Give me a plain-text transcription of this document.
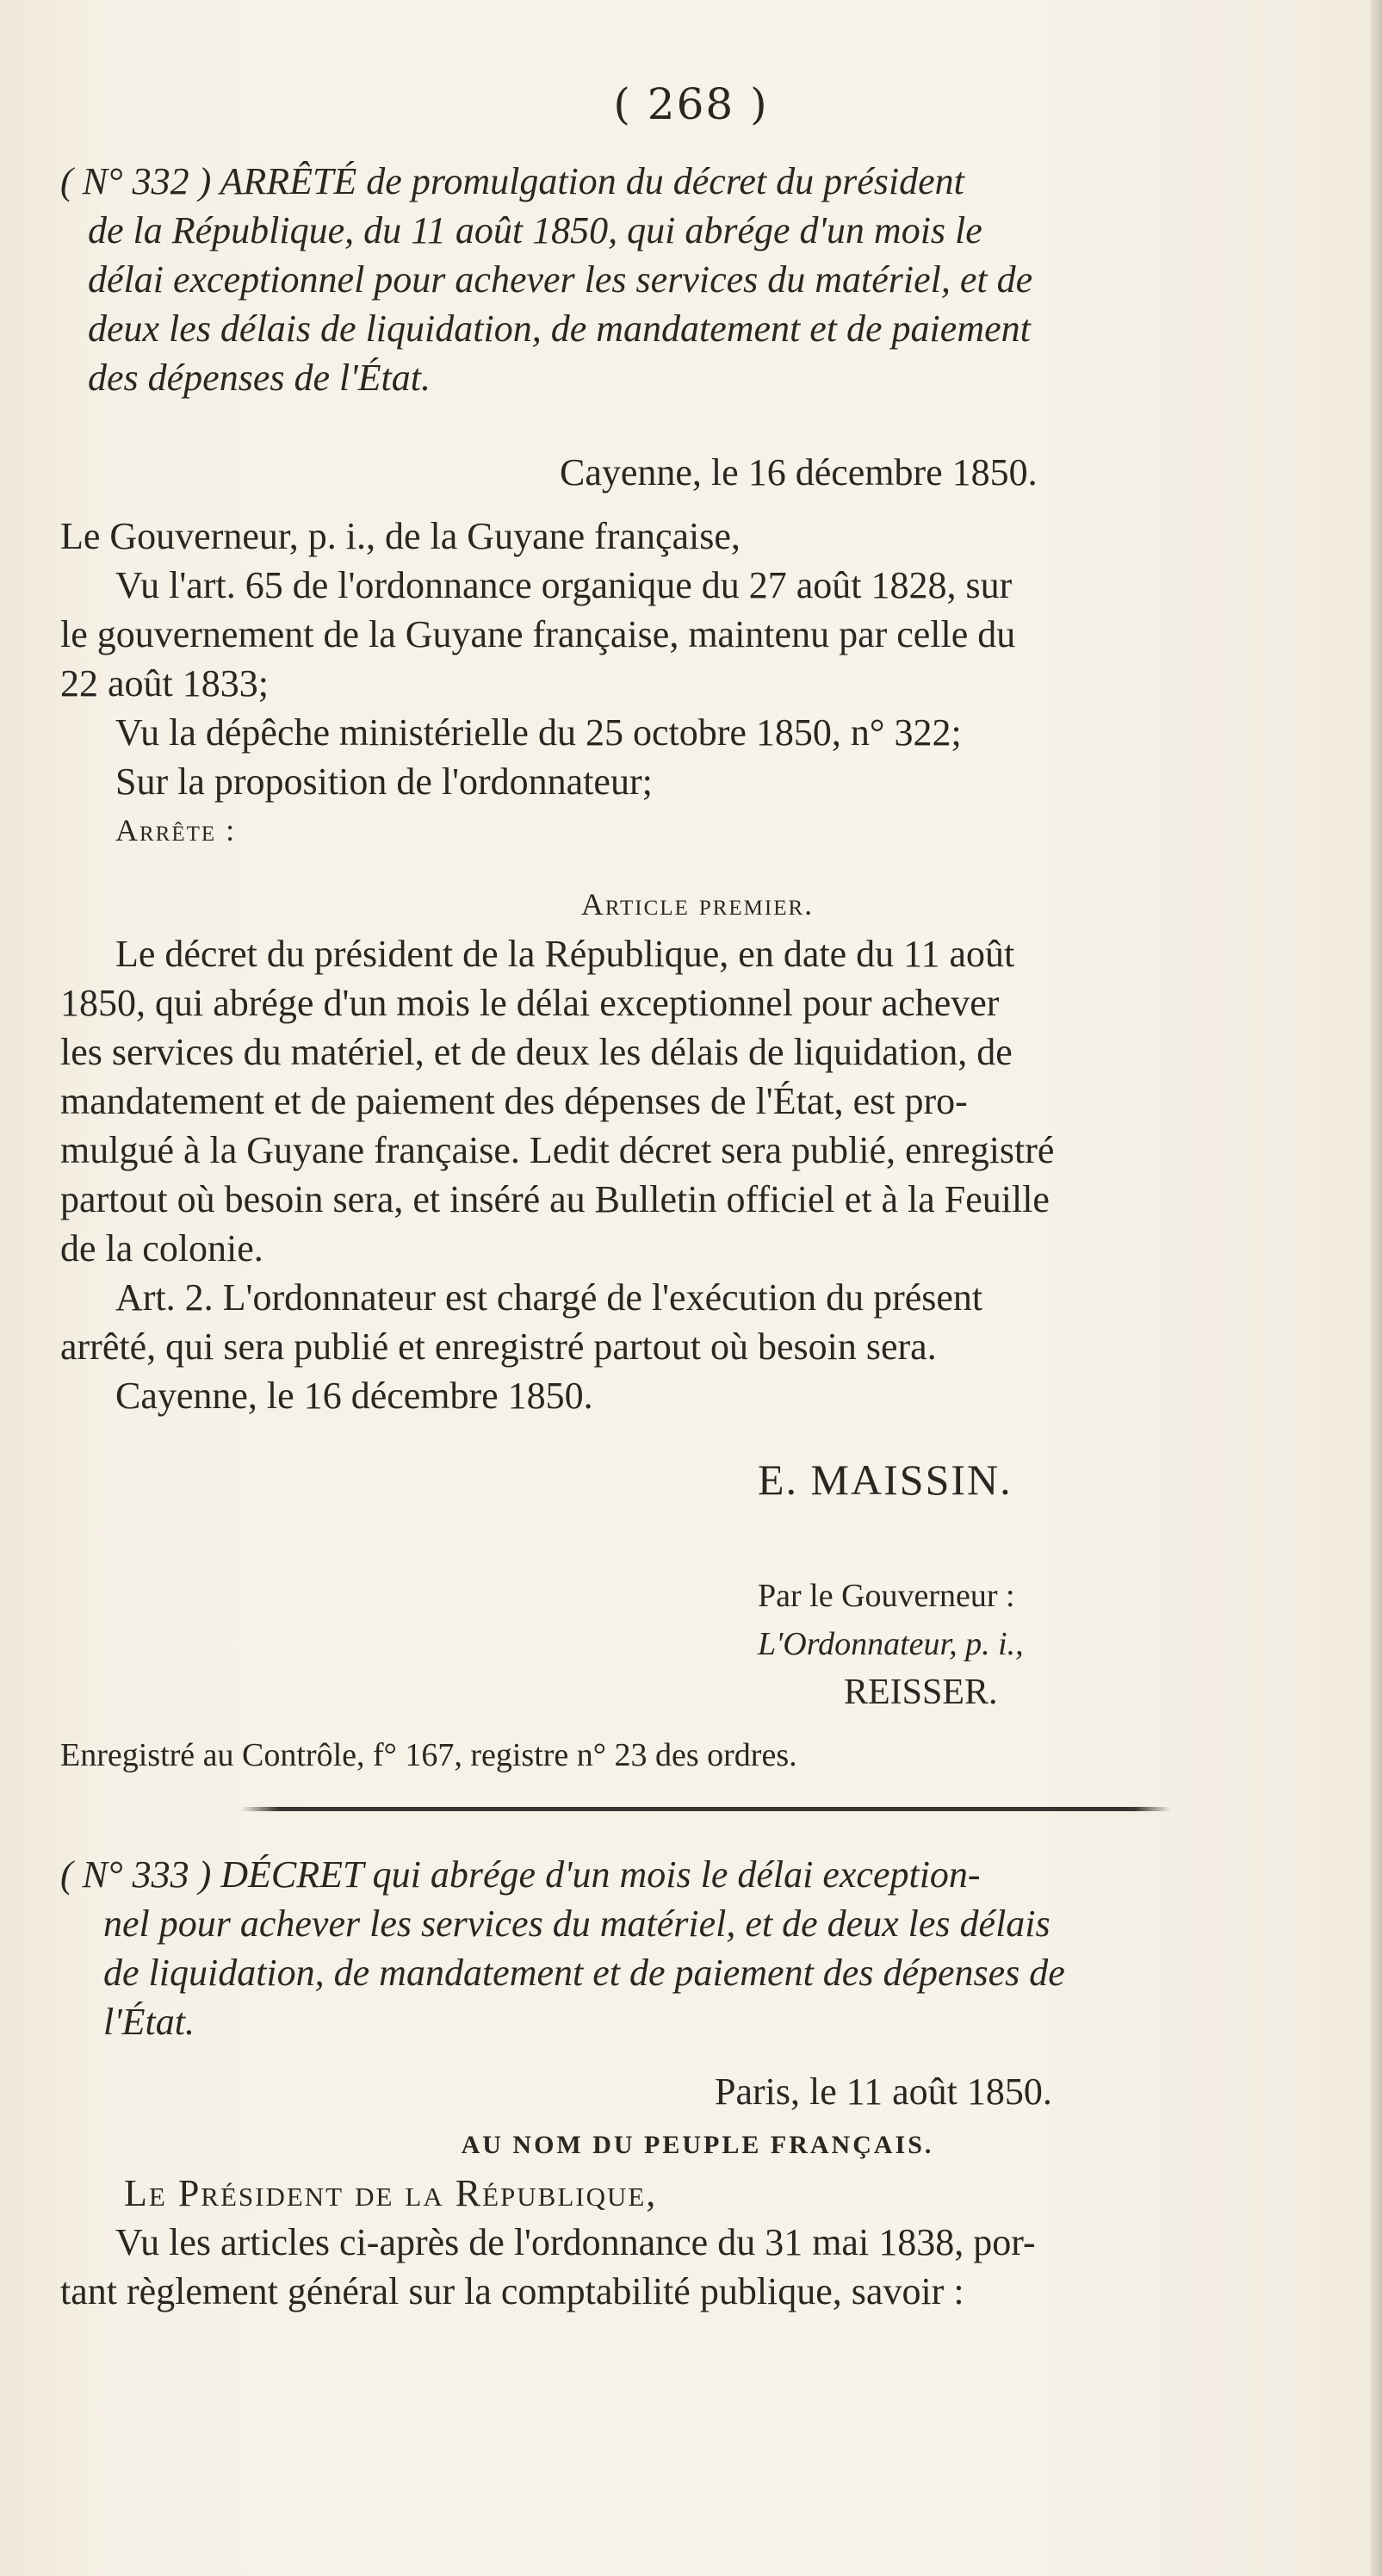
( 268 )

( N° 332 ) ARRÊTÉ de promulgation du décret du président

de la République, du 11 août 1850, qui abrége d'un mois le

délai exceptionnel pour achever les services du matériel, et de

deux les délais de liquidation, de mandatement et de paiement

des dépenses de l'État.

Cayenne, le 16 décembre 1850.

Le Gouverneur, p. i., de la Guyane française,

Vu l'art. 65 de l'ordonnance organique du 27 août 1828, sur

le gouvernement de la Guyane française, maintenu par celle du

22 août 1833;

Vu la dépêche ministérielle du 25 octobre 1850, n° 322;

Sur la proposition de l'ordonnateur;

Arrête :

Article premier.

Le décret du président de la République, en date du 11 août

1850, qui abrége d'un mois le délai exceptionnel pour achever

les services du matériel, et de deux les délais de liquidation, de

mandatement et de paiement des dépenses de l'État, est pro-

mulgué à la Guyane française. Ledit décret sera publié, enregistré

partout où besoin sera, et inséré au Bulletin officiel et à la Feuille

de la colonie.

Art. 2. L'ordonnateur est chargé de l'exécution du présent

arrêté, qui sera publié et enregistré partout où besoin sera.

Cayenne, le 16 décembre 1850.

E. MAISSIN.

Par le Gouverneur :

L'Ordonnateur, p. i.,

REISSER.

Enregistré au Contrôle, f° 167, registre n° 23 des ordres.

( N° 333 ) DÉCRET qui abrége d'un mois le délai exception-

nel pour achever les services du matériel, et de deux les délais

de liquidation, de mandatement et de paiement des dépenses de

l'État.

Paris, le 11 août 1850.

AU NOM DU PEUPLE FRANÇAIS.

Le Président de la République,

Vu les articles ci-après de l'ordonnance du 31 mai 1838, por-

tant règlement général sur la comptabilité publique, savoir :
